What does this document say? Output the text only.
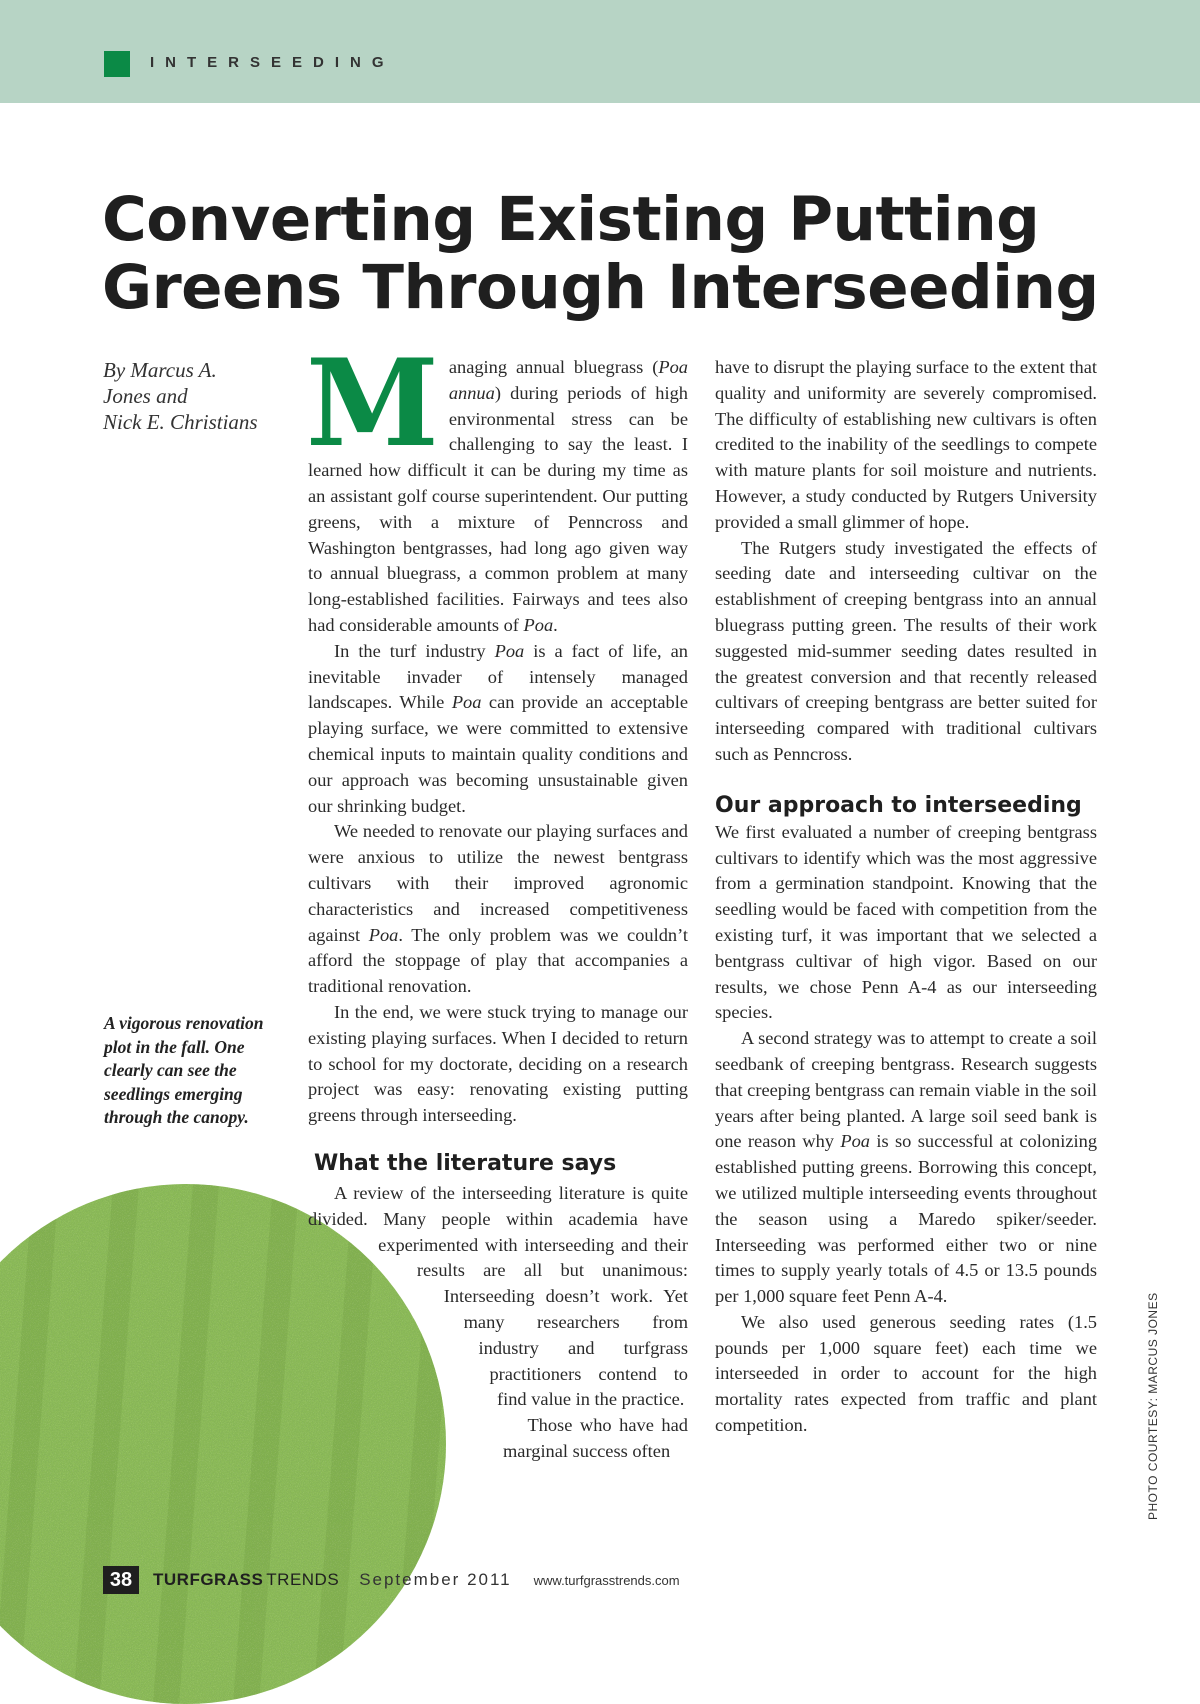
INTERSEEDING
Converting Existing Putting
Greens Through Interseeding
By Marcus A.
Jones and
Nick E. Christians
A vigorous renovation plot in the fall. One clearly can see the seedlings emerging through the canopy.

Managing annual bluegrass (Poa annua) during periods of high environmental stress can be challenging to say the least. I learned how difficult it can be during my time as an assistant golf course superintendent. Our putting greens, with a mixture of Penncross and Washington bentgrasses, had long ago given way to annual bluegrass, a common problem at many long-established facilities. Fairways and tees also had considerable amounts of Poa.

In the turf industry Poa is a fact of life, an inevitable invader of intensely managed landscapes. While Poa can provide an acceptable playing surface, we were committed to extensive chemical inputs to maintain quality conditions and our approach was becoming unsustainable given our shrinking budget.

We needed to renovate our playing surfaces and were anxious to utilize the newest bentgrass cultivars with their improved agronomic characteristics and increased competitiveness against Poa. The only problem was we couldn’t afford the stoppage of play that accompanies a traditional renovation.

In the end, we were stuck trying to manage our existing playing surfaces. When I decided to return to school for my doctorate, deciding on a research project was easy: renovating existing putting greens through interseeding.

What the literature says

A review of the interseeding literature is quite divided. Many people within academia have experimented with interseeding and their results are all but unanimous: Interseeding doesn’t work. Yet many researchers from industry and turfgrass practitioners contend to find value in the practice.

Those who have had marginal success often

have to disrupt the playing surface to the extent that quality and uniformity are severely compromised. The difficulty of establishing new cultivars is often credited to the inability of the seedlings to compete with mature plants for soil moisture and nutrients. However, a study conducted by Rutgers University provided a small glimmer of hope.

The Rutgers study investigated the effects of seeding date and interseeding cultivar on the establishment of creeping bentgrass into an annual bluegrass putting green. The results of their work suggested mid-summer seeding dates resulted in the greatest conversion and that recently released cultivars of creeping bentgrass are better suited for interseeding compared with traditional cultivars such as Penncross.

Our approach to interseeding

We first evaluated a number of creeping bentgrass cultivars to identify which was the most aggressive from a germination standpoint. Knowing that the seedling would be faced with competition from the existing turf, it was important that we selected a bentgrass cultivar of high vigor. Based on our results, we chose Penn A-4 as our interseeding species.

A second strategy was to attempt to create a soil seedbank of creeping bentgrass. Research suggests that creeping bentgrass can remain viable in the soil years after being planted. A large soil seed bank is one reason why Poa is so successful at colonizing established putting greens. Borrowing this concept, we utilized multiple interseeding events throughout the season using a Maredo spiker/seeder. Interseeding was performed either two or nine times to supply yearly totals of 4.5 or 13.5 pounds per 1,000 square feet Penn A-4.

We also used generous seeding rates (1.5 pounds per 1,000 square feet) each time we interseeded in order to account for the high mortality rates expected from traffic and plant competition.	PHOTO COURTESY: MARCUS JONES
38	TURFGRASS TRENDS September 2011 www.turfgrasstrends.com
